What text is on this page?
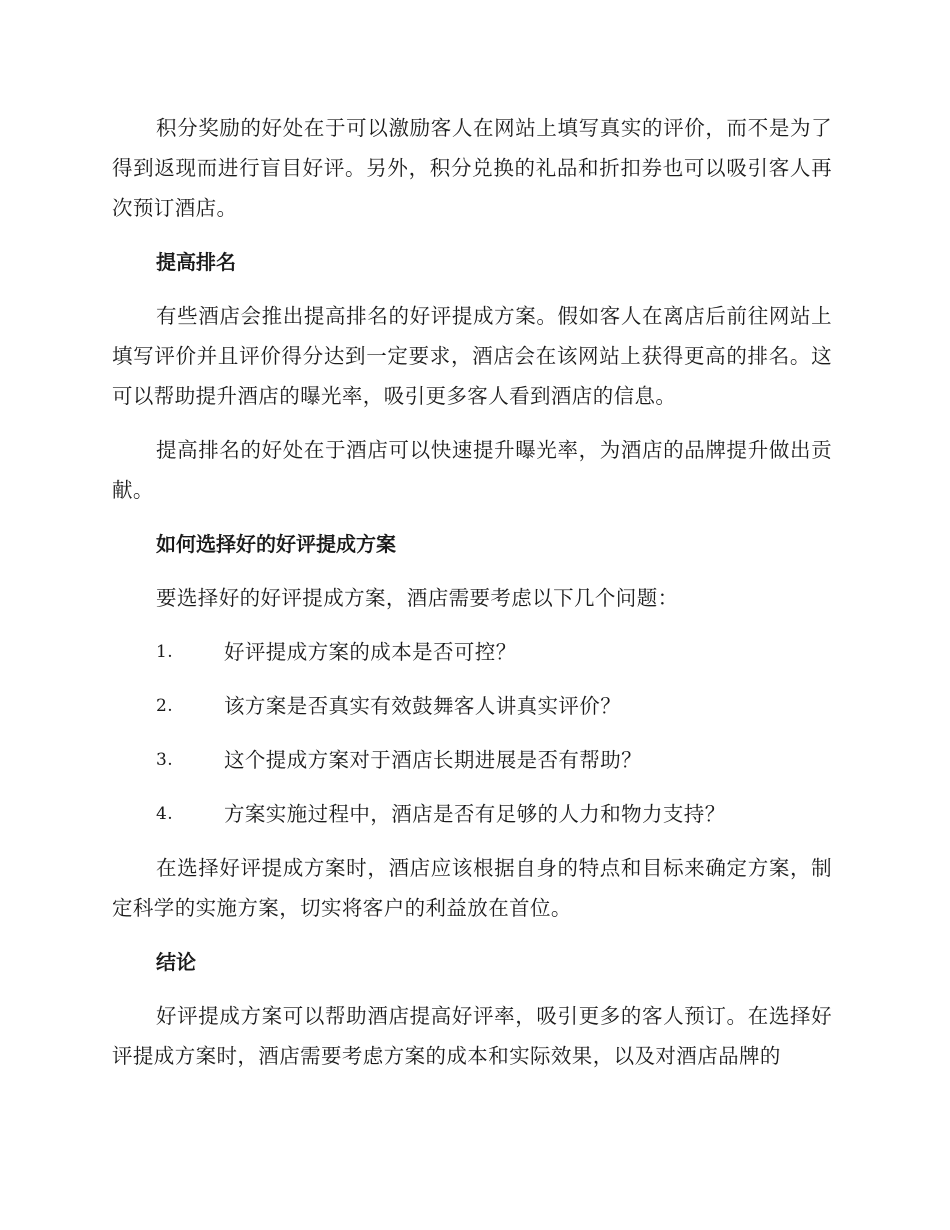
积分奖励的好处在于可以激励客人在网站上填写真实的评价，而不是为了得到返现而进行盲目好评。另外，积分兑换的礼品和折扣券也可以吸引客人再次预订酒店。

提高排名

有些酒店会推出提高排名的好评提成方案。假如客人在离店后前往网站上填写评价并且评价得分达到一定要求，酒店会在该网站上获得更高的排名。这可以帮助提升酒店的曝光率，吸引更多客人看到酒店的信息。

提高排名的好处在于酒店可以快速提升曝光率，为酒店的品牌提升做出贡献。

如何选择好的好评提成方案

要选择好的好评提成方案，酒店需要考虑以下几个问题：

1.	好评提成方案的成本是否可控？
2.	该方案是否真实有效鼓舞客人讲真实评价？
3.	这个提成方案对于酒店长期进展是否有帮助？
4.	方案实施过程中，酒店是否有足够的人力和物力支持？

在选择好评提成方案时，酒店应该根据自身的特点和目标来确定方案，制定科学的实施方案，切实将客户的利益放在首位。

结论

好评提成方案可以帮助酒店提高好评率，吸引更多的客人预订。在选择好评提成方案时，酒店需要考虑方案的成本和实际效果，以及对酒店品牌的
